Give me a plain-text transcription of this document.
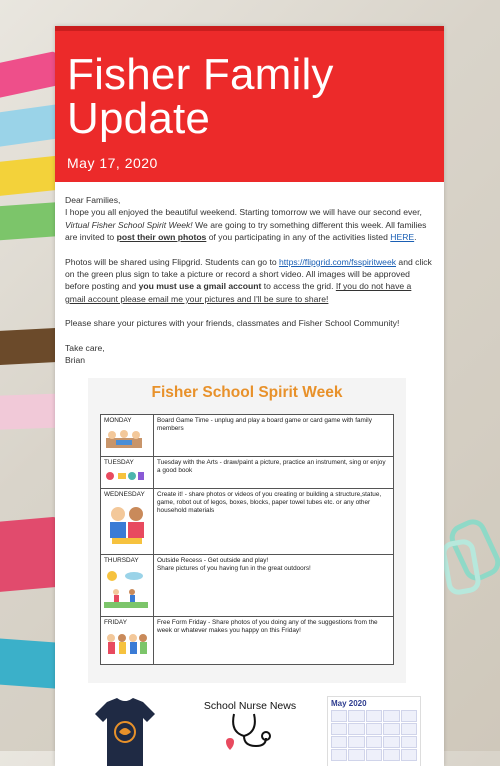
Fisher Family Update
May 17, 2020

Dear Families,
I hope you all enjoyed the beautiful weekend. Starting tomorrow we will have our second ever, Virtual Fisher School Spirit Week! We are going to try something different this week. All families are invited to post their own photos of you participating in any of the activities listed HERE.

Photos will be shared using Flipgrid. Students can go to https://flipgrid.com/fsspiritweek and click on the green plus sign to take a picture or record a short video. All images will be approved before posting and you must use a gmail account to access the grid. If you do not have a gmail account please email me your pictures and I'll be sure to share!

Please share your pictures with your friends, classmates and Fisher School Community!

Take care,
Brian

Fisher School Spirit Week
MONDAY	Board Game Time - unplug and play a board game or card game with family members
TUESDAY	Tuesday with the Arts - draw/paint a picture, practice an instrument, sing or enjoy a good book
WEDNESDAY	Create it! - share photos or videos of you creating or building a structure,statue, game, robot out of legos, boxes, blocks, paper towel tubes etc. or any other household materials
THURSDAY	Outside Recess - Get outside and play!
Share pictures of you having fun in the great outdoors!
FRIDAY	Free Form Friday - Share photos of you doing any of the suggestions from the week or whatever makes you happy on this Friday!
School Nurse News	May 2020
